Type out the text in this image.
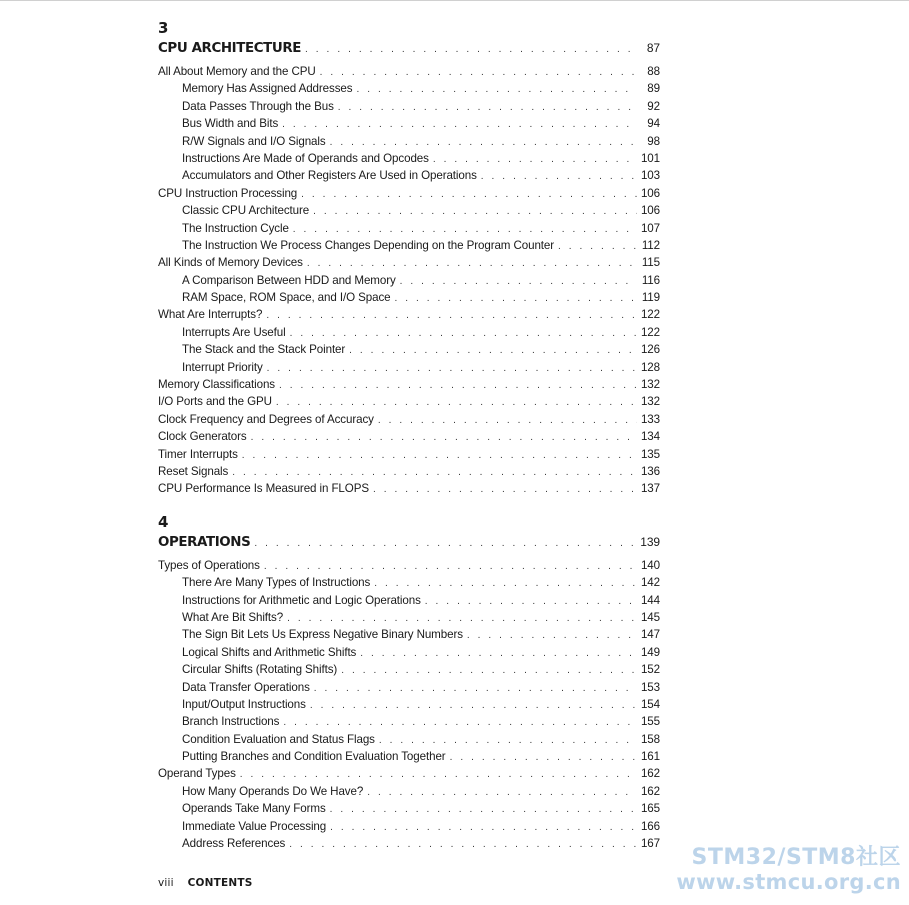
3
CPU ARCHITECTURE . . .	87
All About Memory and the CPU . . .	88
Memory Has Assigned Addresses . . .	89
Data Passes Through the Bus . . .	92
Bus Width and Bits . . .	94
R/W Signals and I/O Signals . . .	98
Instructions Are Made of Operands and Opcodes . . .	101
Accumulators and Other Registers Are Used in Operations . . .	103
CPU Instruction Processing . . .	106
Classic CPU Architecture . . .	106
The Instruction Cycle . . .	107
The Instruction We Process Changes Depending on the Program Counter . . .	112
All Kinds of Memory Devices . . .	115
A Comparison Between HDD and Memory . . .	116
RAM Space, ROM Space, and I/O Space . . .	119
What Are Interrupts? . . .	122
Interrupts Are Useful . . .	122
The Stack and the Stack Pointer . . .	126
Interrupt Priority . . .	128
Memory Classifications . . .	132
I/O Ports and the GPU . . .	132
Clock Frequency and Degrees of Accuracy . . .	133
Clock Generators . . .	134
Timer Interrupts . . .	135
Reset Signals . . .	136
CPU Performance Is Measured in FLOPS . . .	137
4
OPERATIONS . . .	139
Types of Operations . . .	140
There Are Many Types of Instructions . . .	142
Instructions for Arithmetic and Logic Operations . . .	144
What Are Bit Shifts? . . .	145
The Sign Bit Lets Us Express Negative Binary Numbers . . .	147
Logical Shifts and Arithmetic Shifts . . .	149
Circular Shifts (Rotating Shifts) . . .	152
Data Transfer Operations . . .	153
Input/Output Instructions . . .	154
Branch Instructions . . .	155
Condition Evaluation and Status Flags . . .	158
Putting Branches and Condition Evaluation Together . . .	161
Operand Types . . .	162
How Many Operands Do We Have? . . .	162
Operands Take Many Forms . . .	165
Immediate Value Processing . . .	166
Address References . . .	167
viii CONTENTS
STM32/STM8社区
www.stmcu.org.cn
